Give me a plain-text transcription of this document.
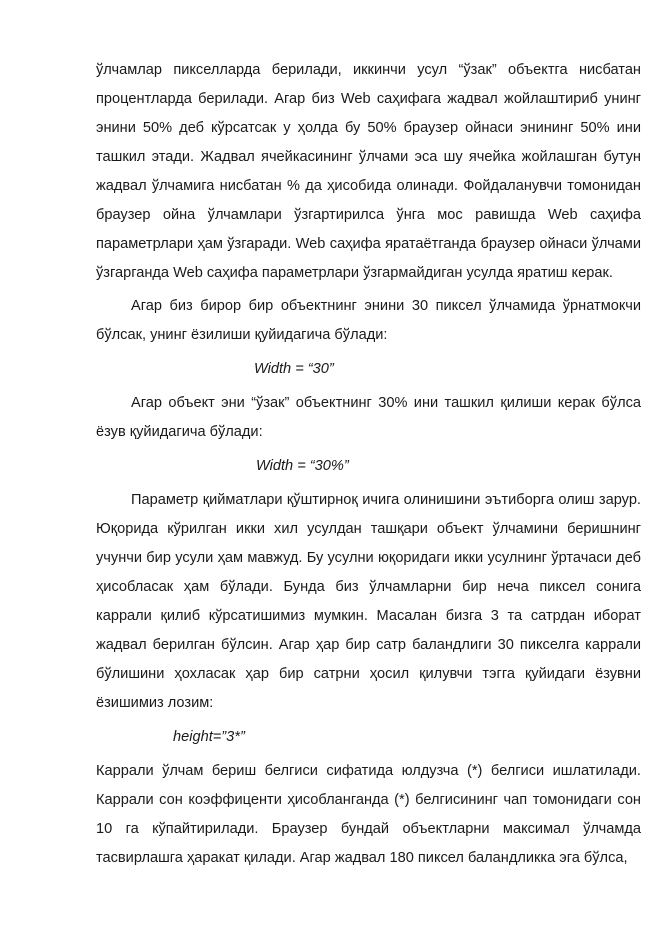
ўлчамлар пикселларда берилади, иккинчи усул “ўзак” объектга нисбатан процентларда берилади. Агар биз Web саҳифага жадвал жойлаштириб унинг энини 50% деб кўрсатсак у ҳолда бу 50% браузер ойнаси энининг 50% ини ташкил этади. Жадвал ячейкасининг ўлчами эса шу ячейка жойлашган бутун жадвал ўлчамига нисбатан % да ҳисобида олинади. Фойдаланувчи томонидан браузер ойна ўлчамлари ўзгартирилса ўнга мос равишда Web саҳифа параметрлари ҳам ўзгаради. Web саҳифа яратаётганда браузер ойнаси ўлчами ўзгарганда Web саҳифа параметрлари ўзгармайдиган усулда яратиш керак.

Агар биз бирор бир объектнинг энини 30 пиксел ўлчамида ўрнатмокчи бўлсак, унинг ёзилиши қуйидагича бўлади:

Width = “30”

Агар объект эни “ўзак” объектнинг 30% ини ташкил қилиши керак бўлса ёзув қуйидагича бўлади:

Width = “30%”

Параметр қийматлари қўштирноқ ичига олинишини эътиборга олиш зарур. Юқорида кўрилган икки хил усулдан ташқари объект ўлчамини беришнинг учунчи бир усули ҳам мавжуд. Бу усулни юқоридаги икки усулнинг ўртачаси деб ҳисобласак ҳам бўлади. Бунда биз ўлчамларни бир неча пиксел сонига каррали қилиб кўрсатишимиз мумкин. Масалан бизга 3 та сатрдан иборат жадвал берилган бўлсин. Агар ҳар бир сатр баландлиги 30 пикселга каррали бўлишини ҳохласак ҳар бир сатрни ҳосил қилувчи тэгга қуйидаги ёзувни ёзишимиз лозим:

height=”3*”

Каррали ўлчам бериш белгиси сифатида юлдузча (*) белгиси ишлатилади. Каррали сон коэффиценти ҳисобланганда (*) белгисининг чап томонидаги сон 10 га кўпайтирилади. Браузер бундай объектларни максимал ўлчамда тасвирлашга ҳаракат қилади. Агар жадвал 180 пиксел баландликка эга бўлса,
